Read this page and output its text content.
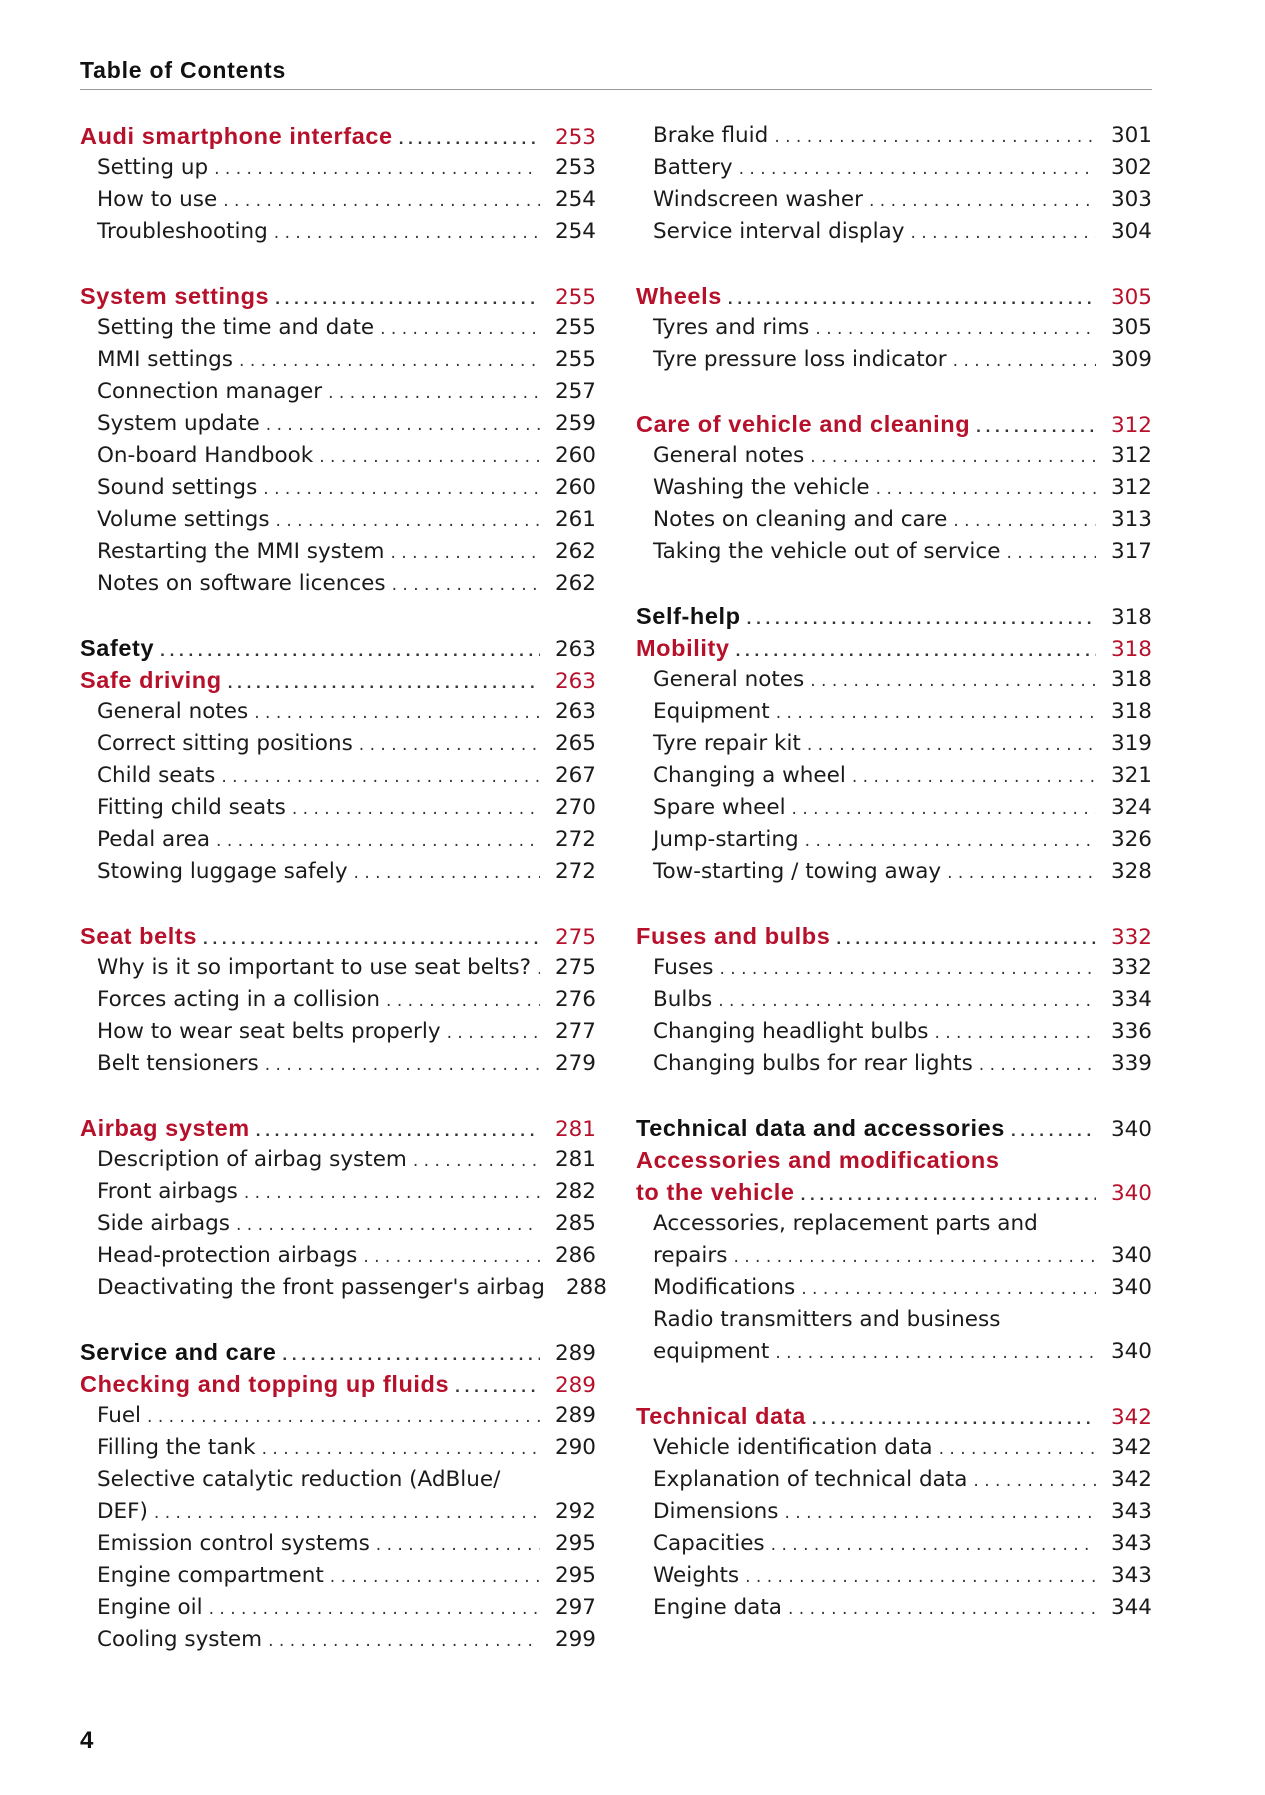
Table of Contents
Audi smartphone interface . . .	253
Setting up . . .	253
How to use . . .	254
Troubleshooting . . .	254
System settings . . .	255
Setting the time and date . . .	255
MMI settings . . .	255
Connection manager . . .	257
System update . . .	259
On-board Handbook . . .	260
Sound settings . . .	260
Volume settings . . .	261
Restarting the MMI system . . .	262
Notes on software licences . . .	262
Safety . . .	263
Safe driving . . .	263
General notes . . .	263
Correct sitting positions . . .	265
Child seats . . .	267
Fitting child seats . . .	270
Pedal area . . .	272
Stowing luggage safely . . .	272
Seat belts . . .	275
Why is it so important to use seat belts? . . . 275
Forces acting in a collision . . .	276
How to wear seat belts properly . . .	277
Belt tensioners . . .	279
Airbag system . . .	281
Description of airbag system . . .	281
Front airbags . . .	282
Side airbags . . .	285
Head-protection airbags . . .	286
Deactivating the front passenger's airbag 288
Service and care . . .	289
Checking and topping up fluids . . .	289
Fuel . . .	289
Filling the tank . . .	290
Selective catalytic reduction (AdBlue/
DEF) . . .	292
Emission control systems . . .	295
Engine compartment . . .	295
Engine oil . . .	297
Cooling system . . .	299
Brake fluid . . .	301
Battery . . .	302
Windscreen washer . . .	303
Service interval display . . .	304
Wheels . . .	305
Tyres and rims . . .	305
Tyre pressure loss indicator . . .	309
Care of vehicle and cleaning . . .	312
General notes . . .	312
Washing the vehicle . . .	312
Notes on cleaning and care . . .	313
Taking the vehicle out of service . . .	317
Self-help . . .	318
Mobility . . .	318
General notes . . .	318
Equipment . . .	318
Tyre repair kit . . .	319
Changing a wheel . . .	321
Spare wheel . . .	324
Jump-starting . . .	326
Tow-starting / towing away . . .	328
Fuses and bulbs . . .	332
Fuses . . .	332
Bulbs . . .	334
Changing headlight bulbs . . .	336
Changing bulbs for rear lights . . .	339
Technical data and accessories . . .	340
Accessories and modifications
to the vehicle . . .	340
Accessories, replacement parts and
repairs . . .	340
Modifications . . .	340
Radio transmitters and business
equipment . . .	340
Technical data . . .	342
Vehicle identification data . . .	342
Explanation of technical data . . .	342
Dimensions . . .	343
Capacities . . .	343
Weights . . .	343
Engine data . . .	344
4
